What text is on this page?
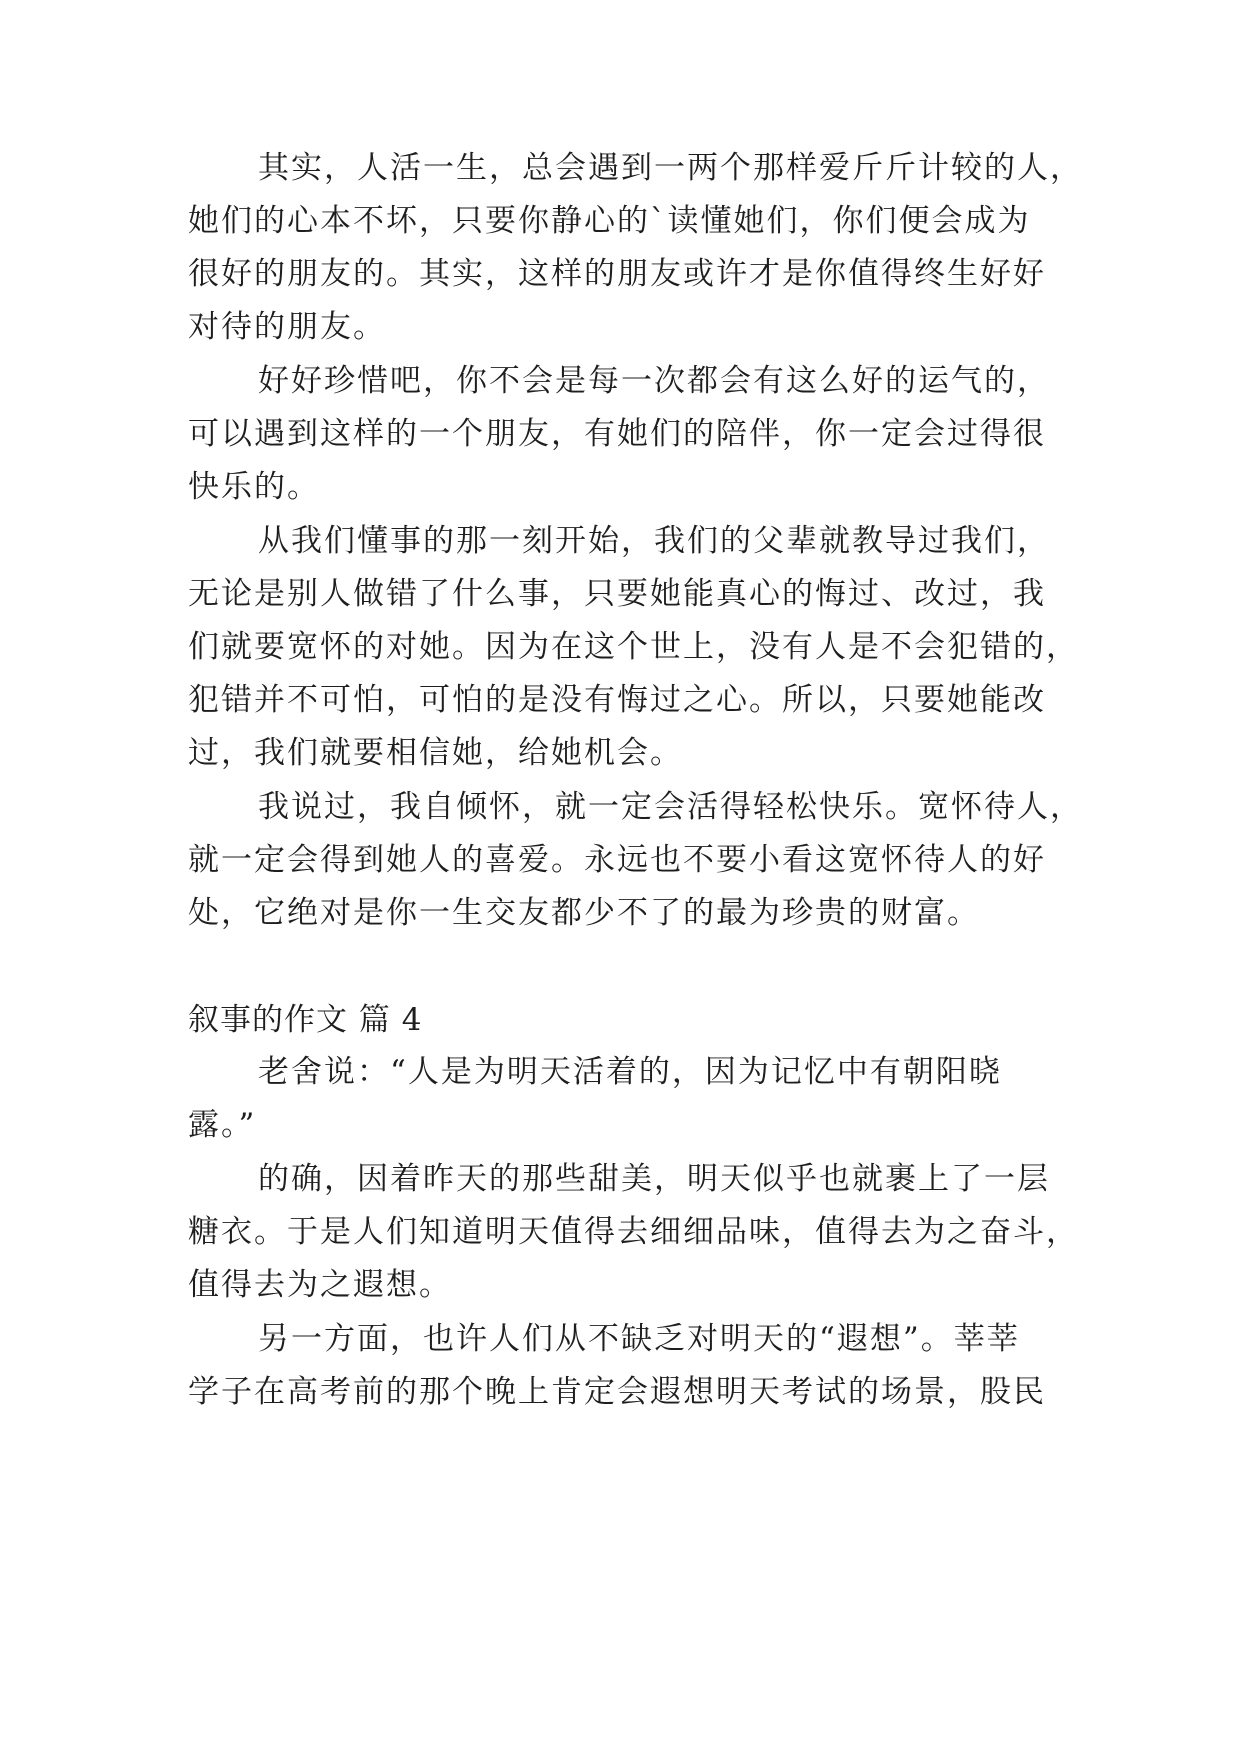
其实，人活一生，总会遇到一两个那样爱斤斤计较的人，
她们的心本不坏，只要你静心的`读懂她们，你们便会成为
很好的朋友的。其实，这样的朋友或许才是你值得终生好好
对待的朋友。
好好珍惜吧，你不会是每一次都会有这么好的运气的，
可以遇到这样的一个朋友，有她们的陪伴，你一定会过得很
快乐的。
从我们懂事的那一刻开始，我们的父辈就教导过我们，
无论是别人做错了什么事，只要她能真心的悔过、改过，我
们就要宽怀的对她。因为在这个世上，没有人是不会犯错的，
犯错并不可怕，可怕的是没有悔过之心。所以，只要她能改
过，我们就要相信她，给她机会。
我说过，我自倾怀，就一定会活得轻松快乐。宽怀待人，
就一定会得到她人的喜爱。永远也不要小看这宽怀待人的好
处，它绝对是你一生交友都少不了的最为珍贵的财富。
叙事的作文 篇 4
老舍说：“人是为明天活着的，因为记忆中有朝阳晓
露。”
的确，因着昨天的那些甜美，明天似乎也就裹上了一层
糖衣。于是人们知道明天值得去细细品味，值得去为之奋斗，
值得去为之遐想。
另一方面，也许人们从不缺乏对明天的“遐想”。莘莘
学子在高考前的那个晚上肯定会遐想明天考试的场景，股民
